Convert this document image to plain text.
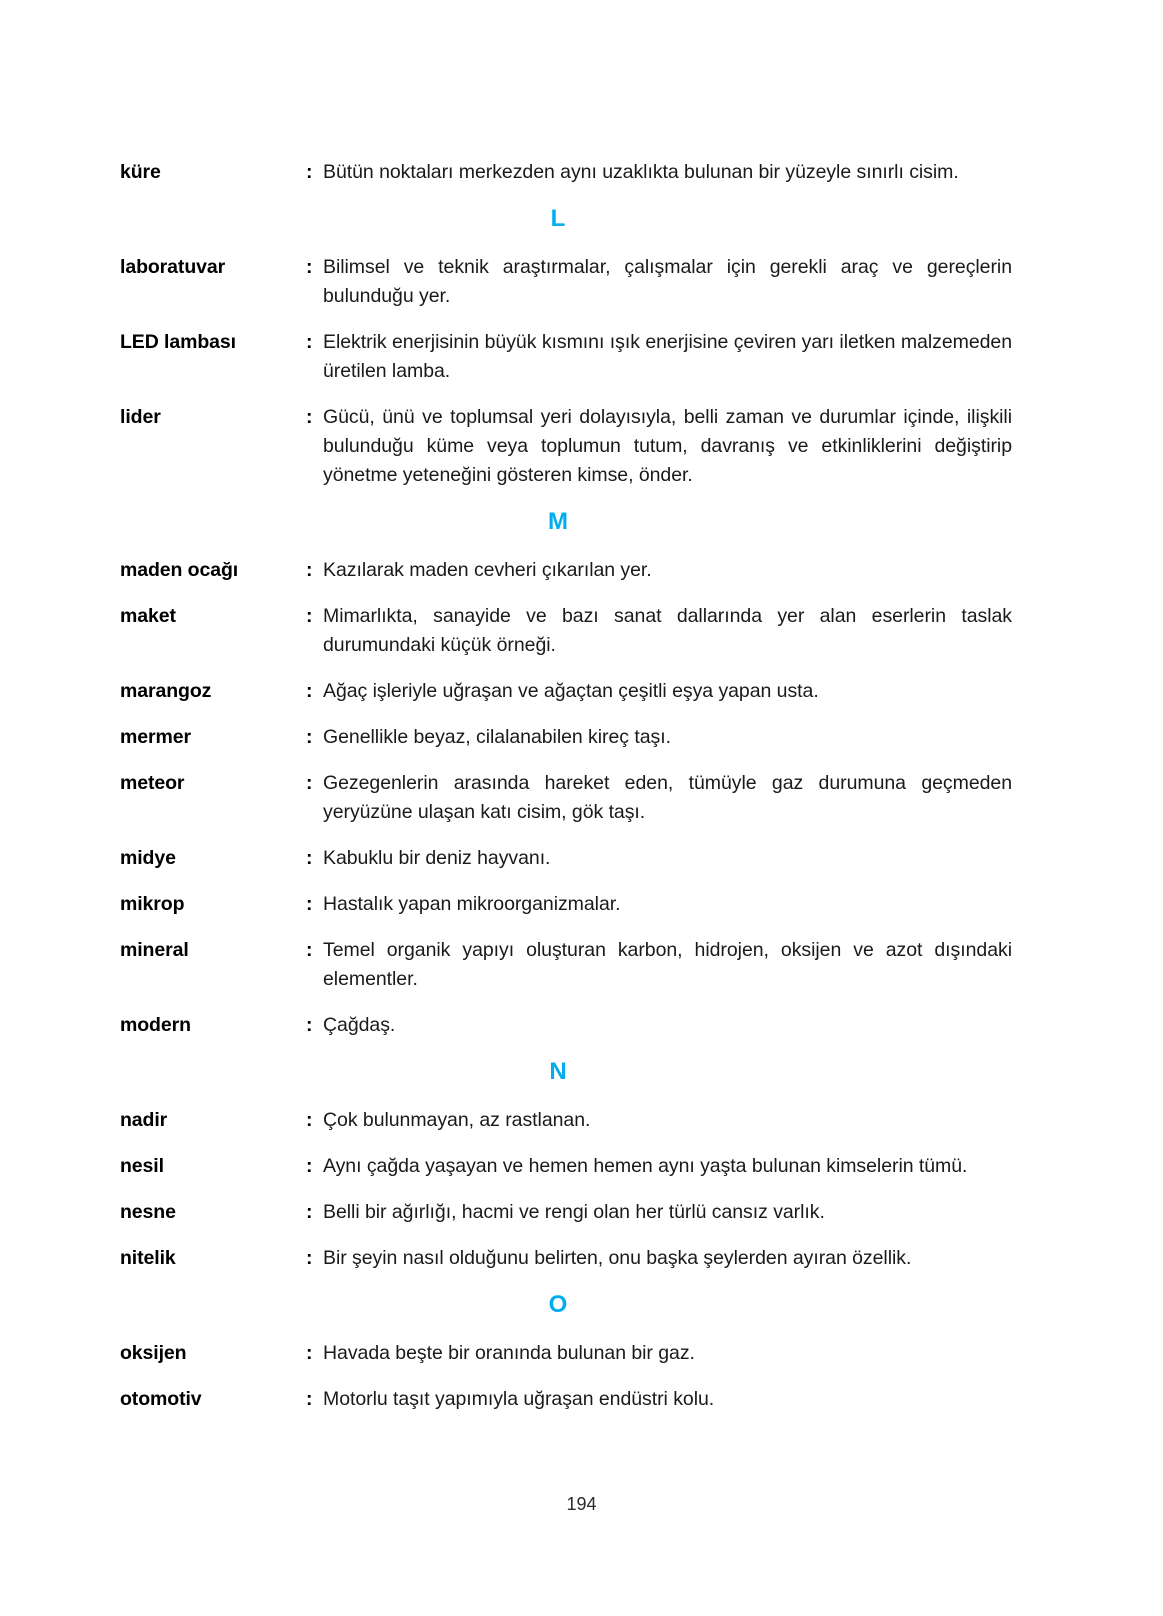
küre	: Bütün noktaları merkezden aynı uzaklıkta bulunan bir yüzeyle sınırlı cisim.
L
laboratuvar	: Bilimsel ve teknik araştırmalar, çalışmalar için gerekli araç ve gereçlerin bulunduğu yer.
LED lambası	: Elektrik enerjisinin büyük kısmını ışık enerjisine çeviren yarı iletken malzemeden üretilen lamba.
lider	: Gücü, ünü ve toplumsal yeri dolayısıyla, belli zaman ve durumlar içinde, ilişkili bulunduğu küme veya toplumun tutum, davranış ve etkinliklerini değiştirip yönetme yeteneğini gösteren kimse, önder.
M
maden ocağı	: Kazılarak maden cevheri çıkarılan yer.
maket	: Mimarlıkta, sanayide ve bazı sanat dallarında yer alan eserlerin taslak durumundaki küçük örneği.
marangoz	: Ağaç işleriyle uğraşan ve ağaçtan çeşitli eşya yapan usta.
mermer	: Genellikle beyaz, cilalanabilen kireç taşı.
meteor	: Gezegenlerin arasında hareket eden, tümüyle gaz durumuna geçmeden yeryüzüne ulaşan katı cisim, gök taşı.
midye	: Kabuklu bir deniz hayvanı.
mikrop	: Hastalık yapan mikroorganizmalar.
mineral	: Temel organik yapıyı oluşturan karbon, hidrojen, oksijen ve azot dışındaki elementler.
modern	: Çağdaş.
N
nadir	: Çok bulunmayan, az rastlanan.
nesil	: Aynı çağda yaşayan ve hemen hemen aynı yaşta bulunan kimselerin tümü.
nesne	: Belli bir ağırlığı, hacmi ve rengi olan her türlü cansız varlık.
nitelik	: Bir şeyin nasıl olduğunu belirten, onu başka şeylerden ayıran özellik.
O
oksijen	: Havada beşte bir oranında bulunan bir gaz.
otomotiv	: Motorlu taşıt yapımıyla uğraşan endüstri kolu.
194
